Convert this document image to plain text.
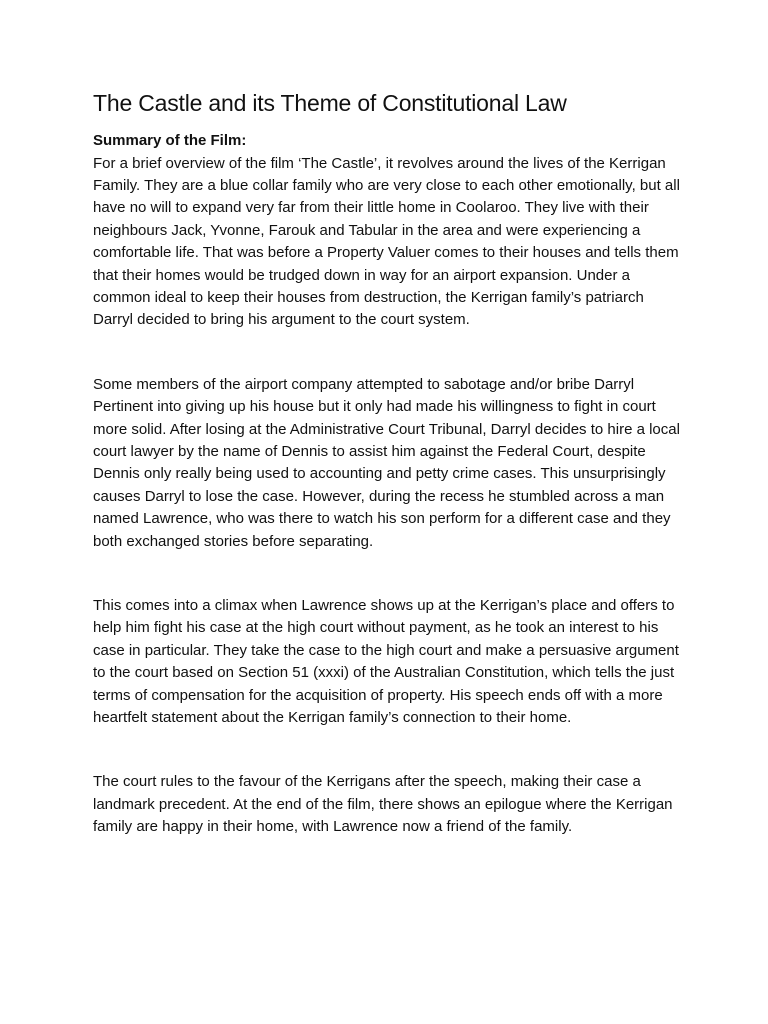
The Castle and its Theme of Constitutional Law

Summary of the Film:

For a brief overview of the film ‘The Castle’, it revolves around the lives of the Kerrigan Family. They are a blue collar family who are very close to each other emotionally, but all have no will to expand very far from their little home in Coolaroo. They live with their neighbours Jack, Yvonne, Farouk and Tabular in the area and were experiencing a comfortable life. That was before a Property Valuer comes to their houses and tells them that their homes would be trudged down in way for an airport expansion. Under a common ideal to keep their houses from destruction, the Kerrigan family’s patriarch Darryl decided to bring his argument to the court system.

Some members of the airport company attempted to sabotage and/or bribe Darryl Pertinent into giving up his house but it only had made his willingness to fight in court more solid. After losing at the Administrative Court Tribunal, Darryl decides to hire a local court lawyer by the name of Dennis to assist him against the Federal Court, despite Dennis only really being used to accounting and petty crime cases. This unsurprisingly causes Darryl to lose the case. However, during the recess he stumbled across a man named Lawrence, who was there to watch his son perform for a different case and they both exchanged stories before separating.

This comes into a climax when Lawrence shows up at the Kerrigan’s place and offers to help him fight his case at the high court without payment, as he took an interest to his case in particular. They take the case to the high court and make a persuasive argument to the court based on Section 51 (xxxi) of the Australian Constitution, which tells the just terms of compensation for the acquisition of property. His speech ends off with a more heartfelt statement about the Kerrigan family’s connection to their home.

The court rules to the favour of the Kerrigans after the speech, making their case a landmark precedent. At the end of the film, there shows an epilogue where the Kerrigan family are happy in their home, with Lawrence now a friend of the family.
